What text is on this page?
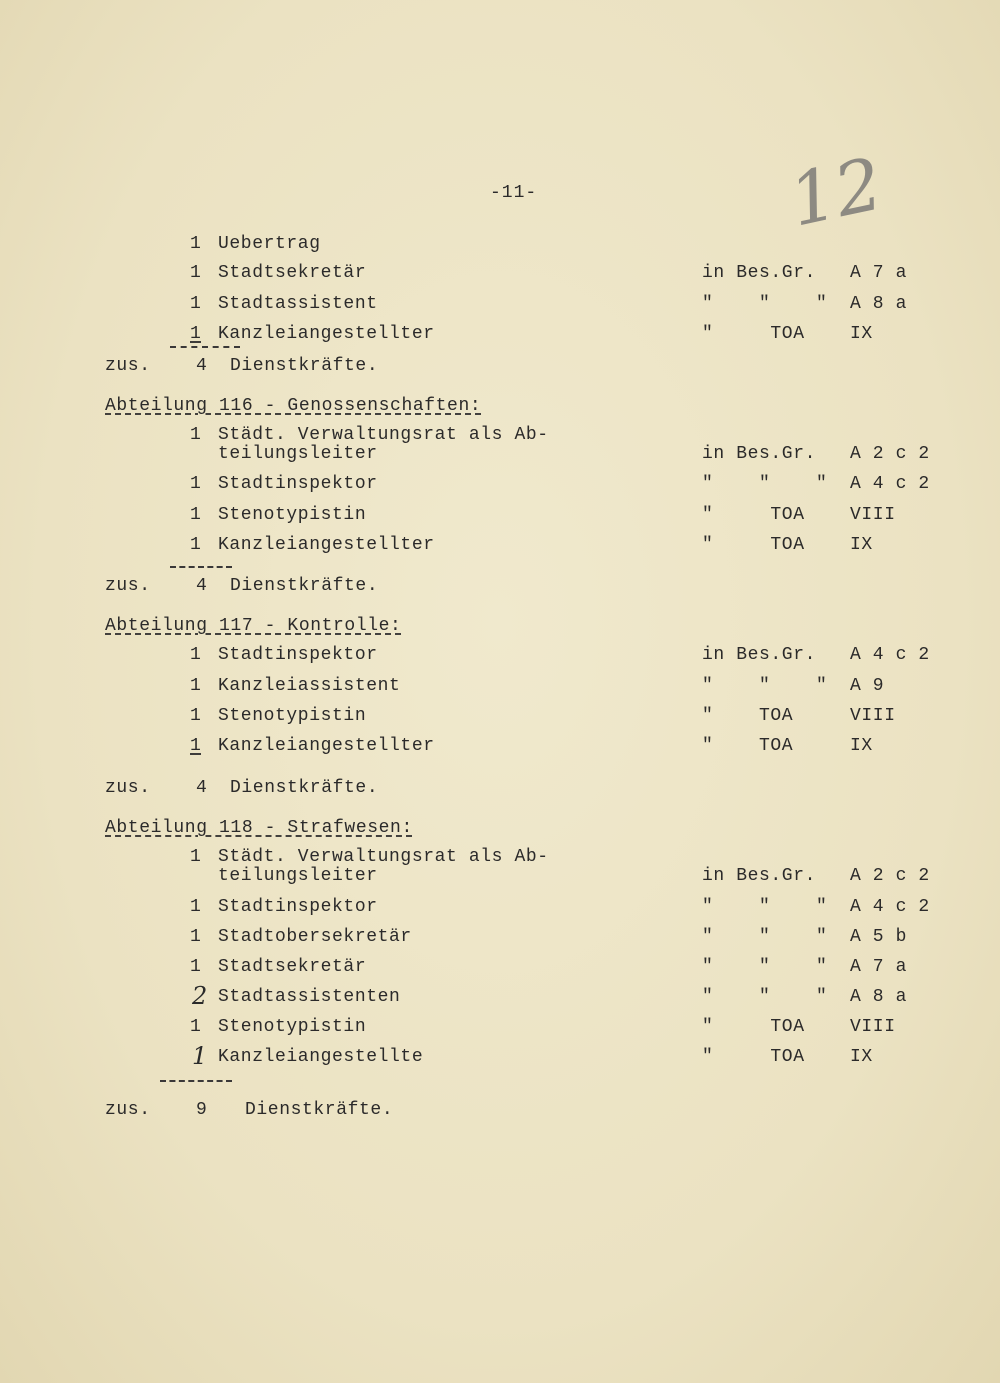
-11-	12
1 Uebertrag
1 Stadtsekretär	in Bes.Gr. A 7 a
1 Stadtassistent	"    "    " A 8 a
1 Kanzleiangestellter	"     TOA	IX
zus.	4 Dienstkräfte.
Abteilung 116 - Genossenschaften:
1 Städt. Verwaltungsrat als Ab-
teilungsleiter	in Bes.Gr. A 2 c 2
1 Stadtinspektor	"    "    " A 4 c 2
1 Stenotypistin	"     TOA	VIII
1 Kanzleiangestellter	"     TOA	IX
zus.	4 Dienstkräfte.
Abteilung 117 - Kontrolle:
1 Stadtinspektor	in Bes.Gr. A 4 c 2
1 Kanzleiassistent	"    "    " A 9
1 Stenotypistin	"    TOA	VIII
1 Kanzleiangestellter	"    TOA	IX
zus.	4 Dienstkräfte.
Abteilung 118 - Strafwesen:
1 Städt. Verwaltungsrat als Ab-
teilungsleiter	in Bes.Gr. A 2 c 2
1 Stadtinspektor	"    "    " A 4 c 2
1 Stadtobersekretär	"    "    " A 5 b
1 Stadtsekretär	"    "    " A 7 a
2 Stadtassistenten	"    "    " A 8 a
1 Stenotypistin	"     TOA	VIII
1 Kanzleiangestellte	"     TOA	IX
zus.	9 Dienstkräfte.
